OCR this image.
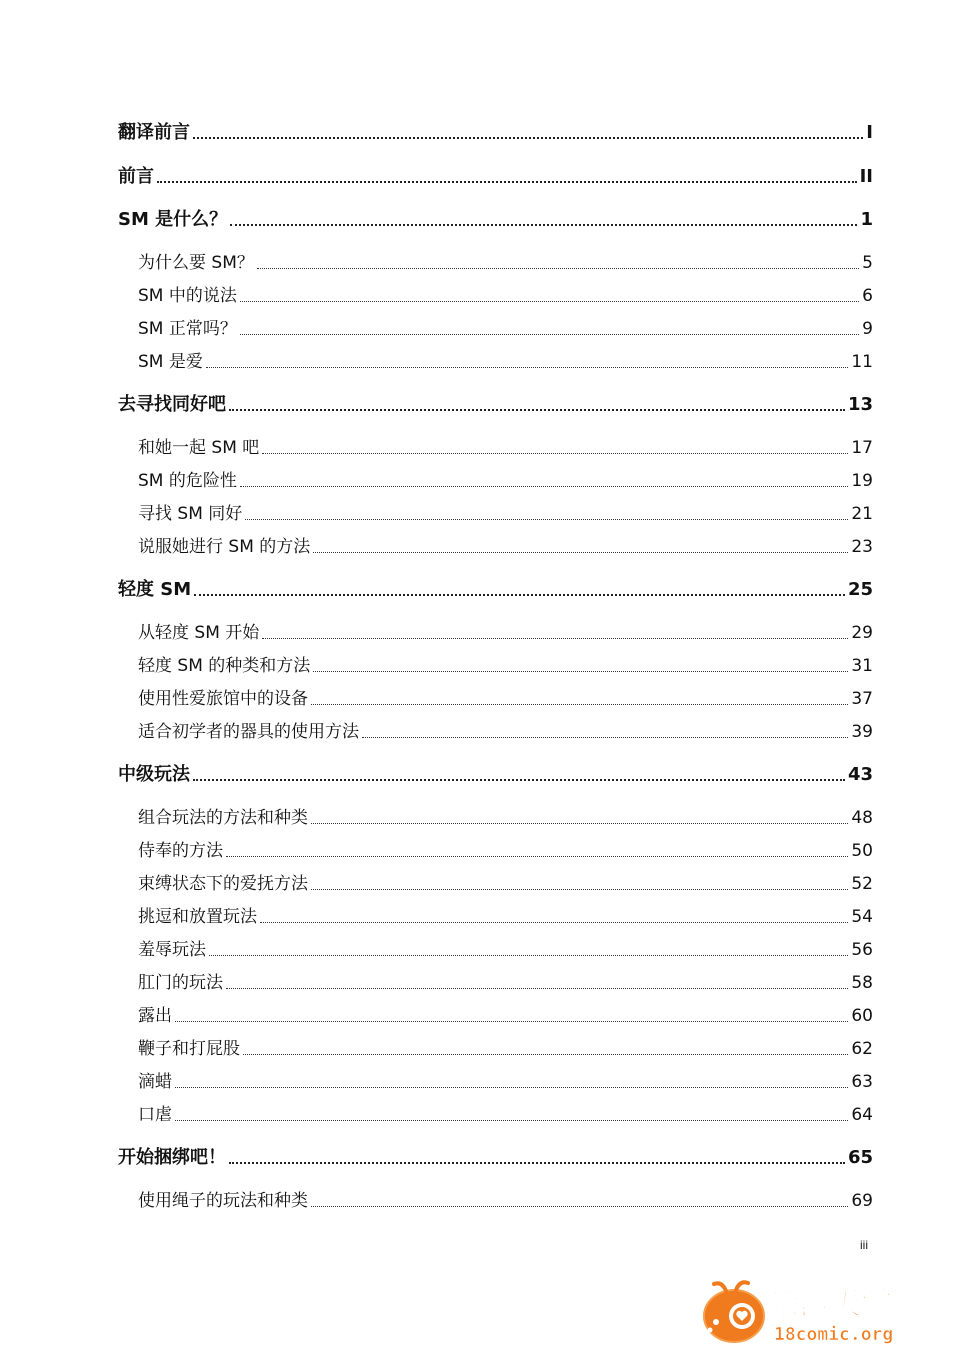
翻译前言	I
前言	II
SM 是什么？	1
为什么要 SM？	5
SM 中的说法	6
SM 正常吗？	9
SM 是爱	11
去寻找同好吧	13
和她一起 SM 吧	17
SM 的危险性	19
寻找 SM 同好	21
说服她进行 SM 的方法	23
轻度 SM	25
从轻度 SM 开始	29
轻度 SM 的种类和方法	31
使用性爱旅馆中的设备	37
适合初学者的器具的使用方法	39
中级玩法	43
组合玩法的方法和种类	48
侍奉的方法	50
束缚状态下的爱抚方法	52
挑逗和放置玩法	54
羞辱玩法	56
肛门的玩法	58
露出	60
鞭子和打屁股	62
滴蜡	63
口虐	64
开始捆绑吧！	65
使用绳子的玩法和种类	69
iii
禁漫天堂
18comic.org
